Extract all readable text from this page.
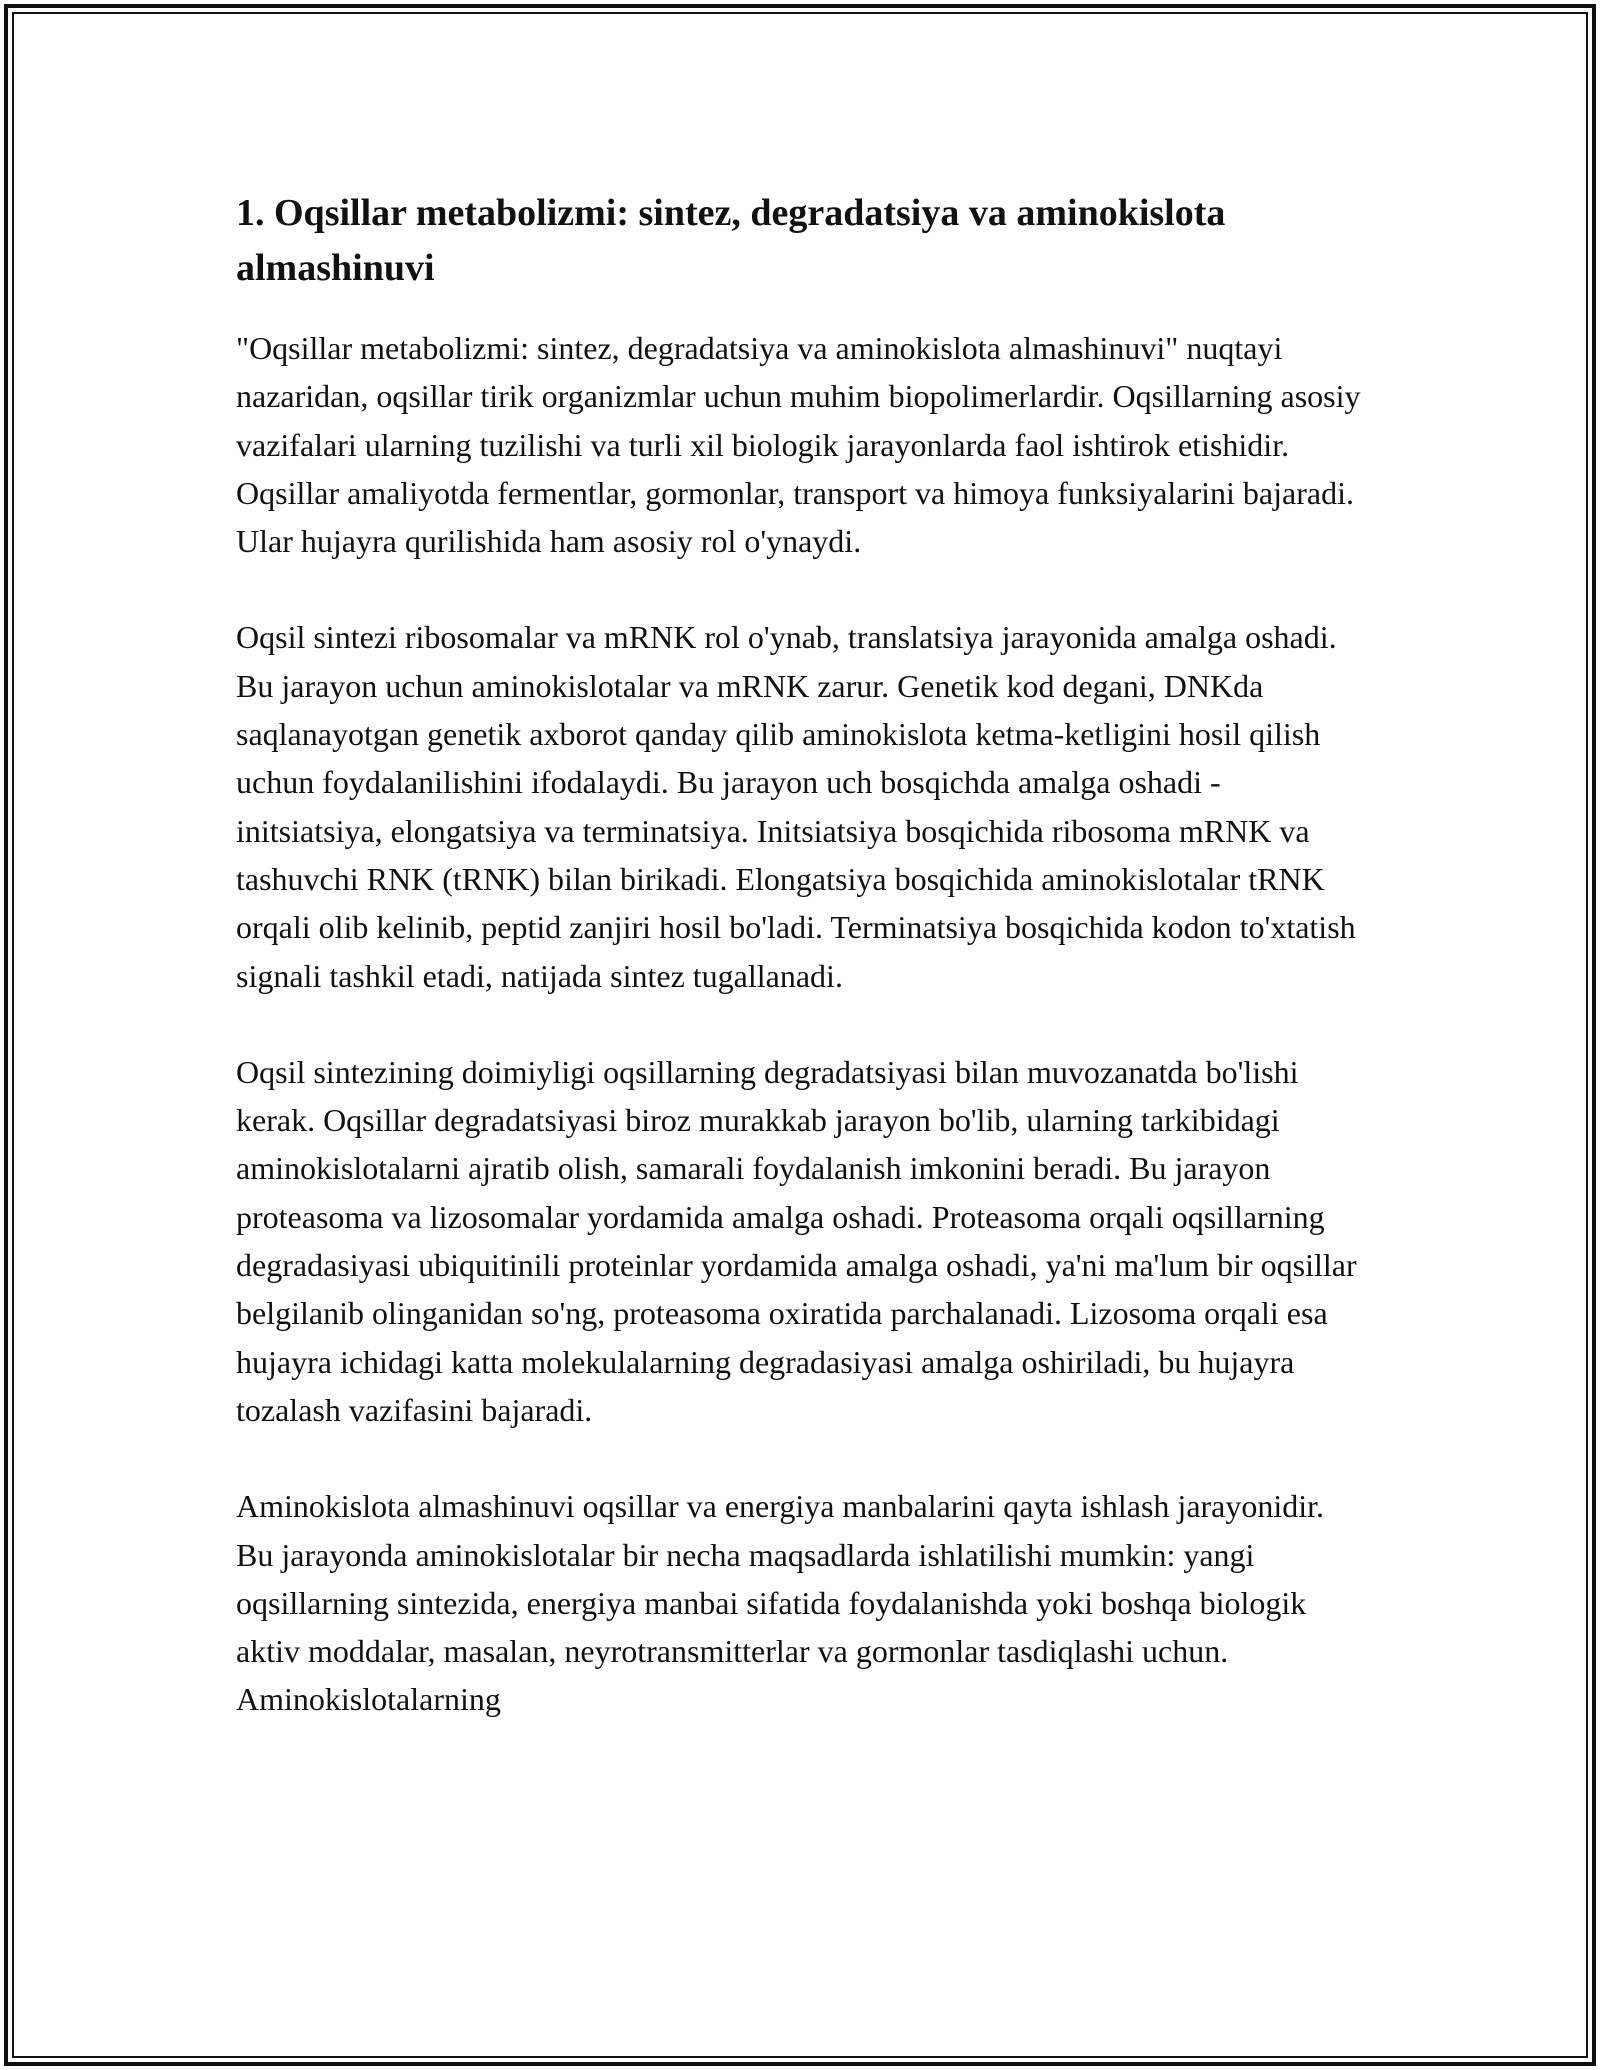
1. Oqsillar metabolizmi: sintez, degradatsiya va aminokislota almashinuvi

"Oqsillar metabolizmi: sintez, degradatsiya va aminokislota almashinuvi" nuqtayi nazaridan, oqsillar tirik organizmlar uchun muhim biopolimerlardir. Oqsillarning asosiy vazifalari ularning tuzilishi va turli xil biologik jarayonlarda faol ishtirok etishidir. Oqsillar amaliyotda fermentlar, gormonlar, transport va himoya funksiyalarini bajaradi. Ular hujayra qurilishida ham asosiy rol o'ynaydi.

Oqsil sintezi ribosomalar va mRNK rol o'ynab, translatsiya jarayonida amalga oshadi. Bu jarayon uchun aminokislotalar va mRNK zarur. Genetik kod degani, DNKda saqlanayotgan genetik axborot qanday qilib aminokislota ketma-ketligini hosil qilish uchun foydalanilishini ifodalaydi. Bu jarayon uch bosqichda amalga oshadi - initsiatsiya, elongatsiya va terminatsiya. Initsiatsiya bosqichida ribosoma mRNK va tashuvchi RNK (tRNK) bilan birikadi. Elongatsiya bosqichida aminokislotalar tRNK orqali olib kelinib, peptid zanjiri hosil bo'ladi. Terminatsiya bosqichida kodon to'xtatish signali tashkil etadi, natijada sintez tugallanadi.

Oqsil sintezining doimiyligi oqsillarning degradatsiyasi bilan muvozanatda bo'lishi kerak. Oqsillar degradatsiyasi biroz murakkab jarayon bo'lib, ularning tarkibidagi aminokislotalarni ajratib olish, samarali foydalanish imkonini beradi. Bu jarayon proteasoma va lizosomalar yordamida amalga oshadi. Proteasoma orqali oqsillarning degradasiyasi ubiquitinili proteinlar yordamida amalga oshadi, ya'ni ma'lum bir oqsillar belgilanib olinganidan so'ng, proteasoma oxiratida parchalanadi. Lizosoma orqali esa hujayra ichidagi katta molekulalarning degradasiyasi amalga oshiriladi, bu hujayra tozalash vazifasini bajaradi.

Aminokislota almashinuvi oqsillar va energiya manbalarini qayta ishlash jarayonidir. Bu jarayonda aminokislotalar bir necha maqsadlarda ishlatilishi mumkin: yangi oqsillarning sintezida, energiya manbai sifatida foydalanishda yoki boshqa biologik aktiv moddalar, masalan, neyrotransmitterlar va gormonlar tasdiqlashi uchun. Aminokislotalarning
